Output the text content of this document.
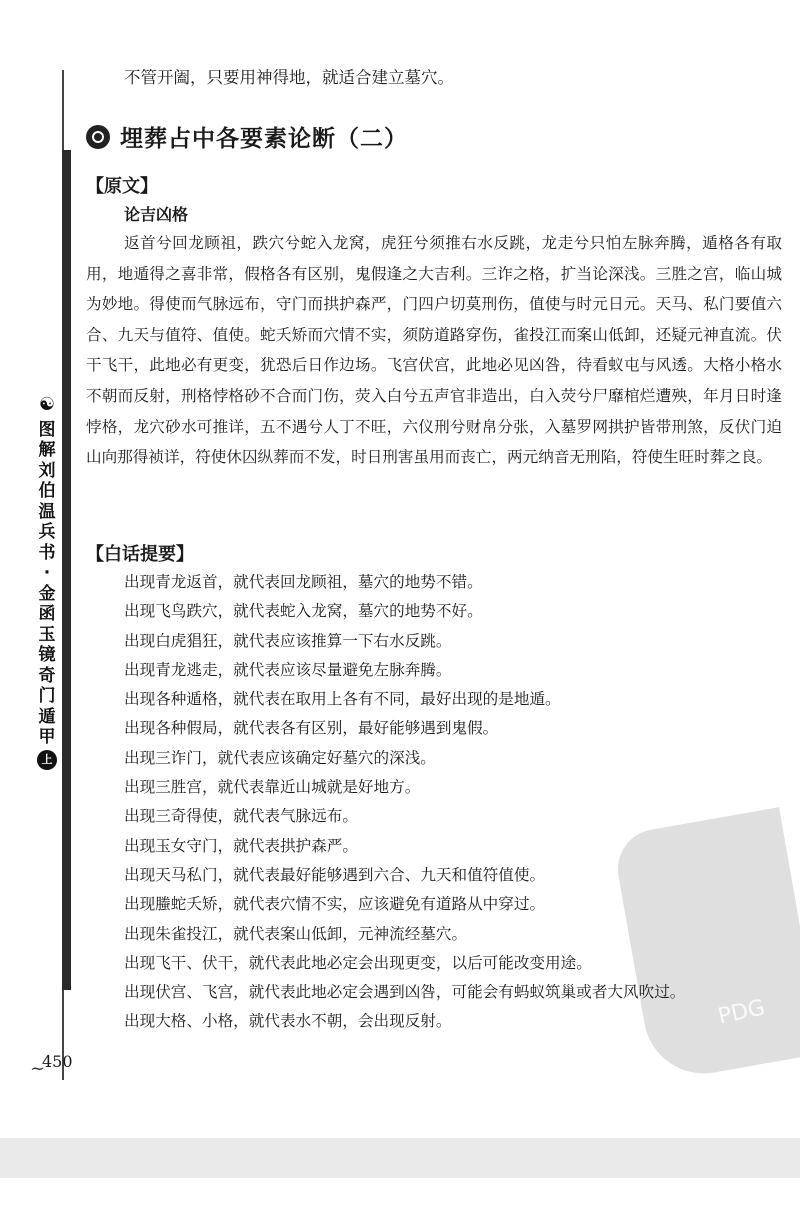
PDG
☯
图
解
刘
伯
温
兵
书
·
金
函
玉
镜
奇
门
遁
甲
上部
不管开阖，只要用神得地，就适合建立墓穴。
埋葬占中各要素论断（二）
【原文】
论吉凶格
返首兮回龙顾祖，跌穴兮蛇入龙窝，虎狂兮须推右水反跳，龙走兮只怕左脉奔腾，遁格各有取用，地遁得之喜非常，假格各有区别，鬼假逢之大吉利。三诈之格，扩当论深浅。三胜之宫，临山城为妙地。得使而气脉远布，守门而拱护森严，门四户切莫刑伤，值使与时元日元。天马、私门要值六合、九天与值符、值使。蛇夭矫而穴情不实，须防道路穿伤，雀投江而案山低卸，还疑元神直流。伏干飞干，此地必有更变，犹恐后日作边场。飞宫伏宫，此地必见凶咎，待看蚁屯与风透。大格小格水不朝而反射，刑格悖格砂不合而门伤，荧入白兮五声官非造出，白入荧兮尸靡棺烂遭殃，年月日时逢悖格，龙穴砂水可推详，五不遇兮人丁不旺，六仪刑兮财帛分张，入墓罗网拱护皆带刑煞，反伏门迫山向那得祯详，符使休囚纵葬而不发，时日刑害虽用而丧亡，两元纳音无刑陷，符使生旺时葬之良。
【白话提要】

出现青龙返首，就代表回龙顾祖，墓穴的地势不错。

出现飞鸟跌穴，就代表蛇入龙窝，墓穴的地势不好。

出现白虎猖狂，就代表应该推算一下右水反跳。

出现青龙逃走，就代表应该尽量避免左脉奔腾。

出现各种遁格，就代表在取用上各有不同，最好出现的是地遁。

出现各种假局，就代表各有区别，最好能够遇到鬼假。

出现三诈门，就代表应该确定好墓穴的深浅。

出现三胜宫，就代表靠近山城就是好地方。

出现三奇得使，就代表气脉远布。

出现玉女守门，就代表拱护森严。

出现天马私门，就代表最好能够遇到六合、九天和值符值使。

出现螣蛇夭矫，就代表穴情不实，应该避免有道路从中穿过。

出现朱雀投江，就代表案山低卸，元神流经墓穴。

出现飞干、伏干，就代表此地必定会出现更变，以后可能改变用途。

出现伏宫、飞宫，就代表此地必定会遇到凶咎，可能会有蚂蚁筑巢或者大风吹过。

出现大格、小格，就代表水不朝，会出现反射。

~
450
